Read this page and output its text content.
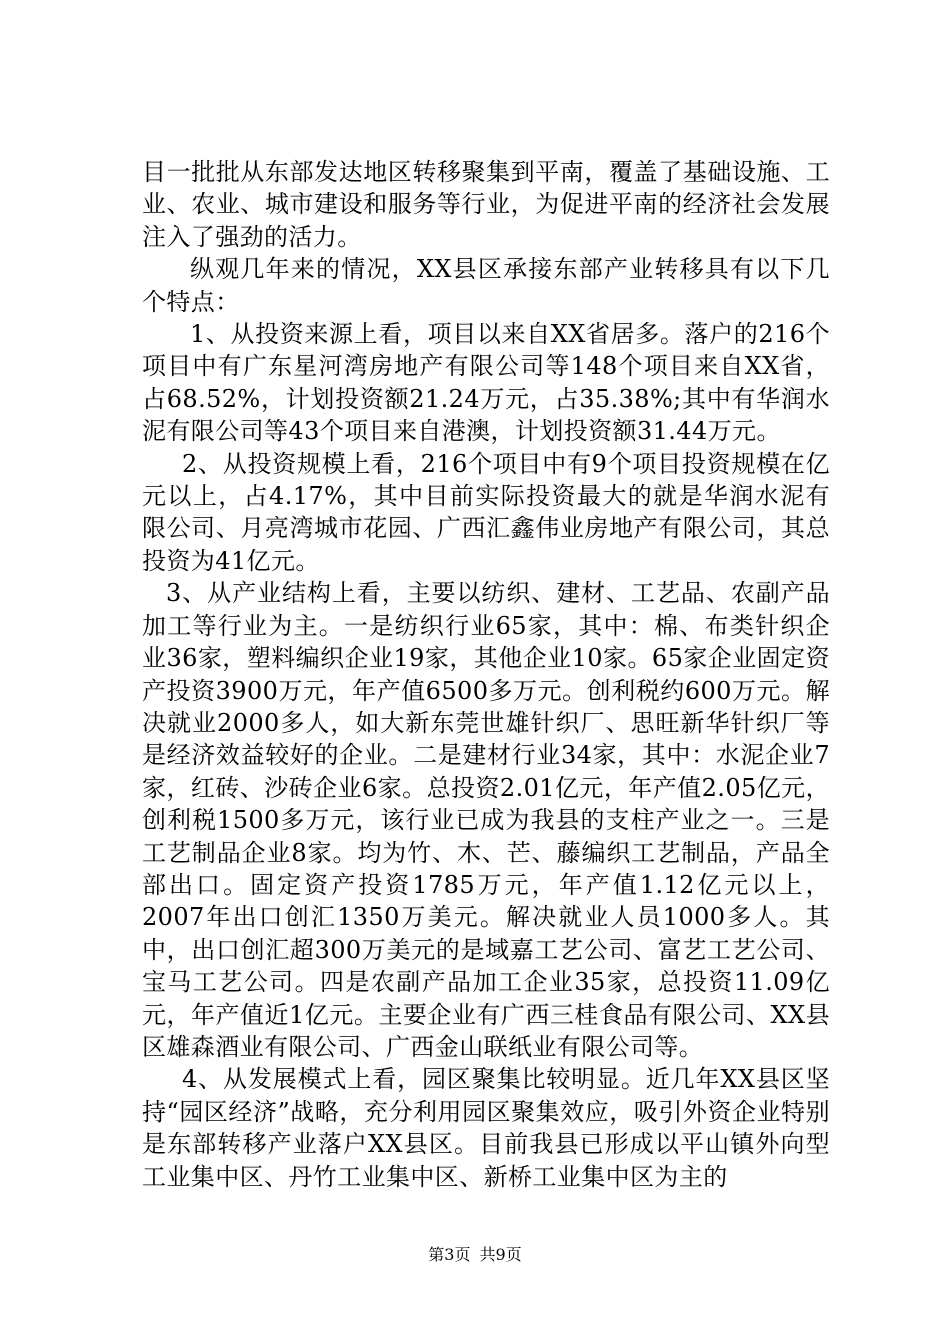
目一批批从东部发达地区转移聚集到平南，覆盖了基础设施、工业、农业、城市建设和服务等行业，为促进平南的经济社会发展注入了强劲的活力。

纵观几年来的情况，XX县区承接东部产业转移具有以下几个特点：

1、从投资来源上看，项目以来自XX省居多。落户的216个项目中有广东星河湾房地产有限公司等148个项目来自XX省，占68.52%，计划投资额21.24万元，占35.38%;其中有华润水泥有限公司等43个项目来自港澳，计划投资额31.44万元。

2、从投资规模上看，216个项目中有9个项目投资规模在亿元以上，占4.17%，其中目前实际投资最大的就是华润水泥有限公司、月亮湾城市花园、广西汇鑫伟业房地产有限公司，其总投资为41亿元。

3、从产业结构上看，主要以纺织、建材、工艺品、农副产品加工等行业为主。一是纺织行业65家，其中：棉、布类针织企业36家，塑料编织企业19家，其他企业10家。65家企业固定资产投资3900万元，年产值6500多万元。创利税约600万元。解决就业2000多人，如大新东莞世雄针织厂、思旺新华针织厂等是经济效益较好的企业。二是建材行业34家，其中：水泥企业7家，红砖、沙砖企业6家。总投资2.01亿元，年产值2.05亿元，创利税1500多万元，该行业已成为我县的支柱产业之一。三是工艺制品企业8家。均为竹、木、芒、藤编织工艺制品，产品全部出口。固定资产投资1785万元，年产值1.12亿元以上，2007年出口创汇1350万美元。解决就业人员1000多人。其中，出口创汇超300万美元的是域嘉工艺公司、富艺工艺公司、宝马工艺公司。四是农副产品加工企业35家，总投资11.09亿元，年产值近1亿元。主要企业有广西三桂食品有限公司、XX县区雄森酒业有限公司、广西金山联纸业有限公司等。

4、从发展模式上看，园区聚集比较明显。近几年XX县区坚持“园区经济”战略，充分利用园区聚集效应，吸引外资企业特别是东部转移产业落户XX县区。目前我县已形成以平山镇外向型工业集中区、丹竹工业集中区、新桥工业集中区为主的

第3页 共9页
